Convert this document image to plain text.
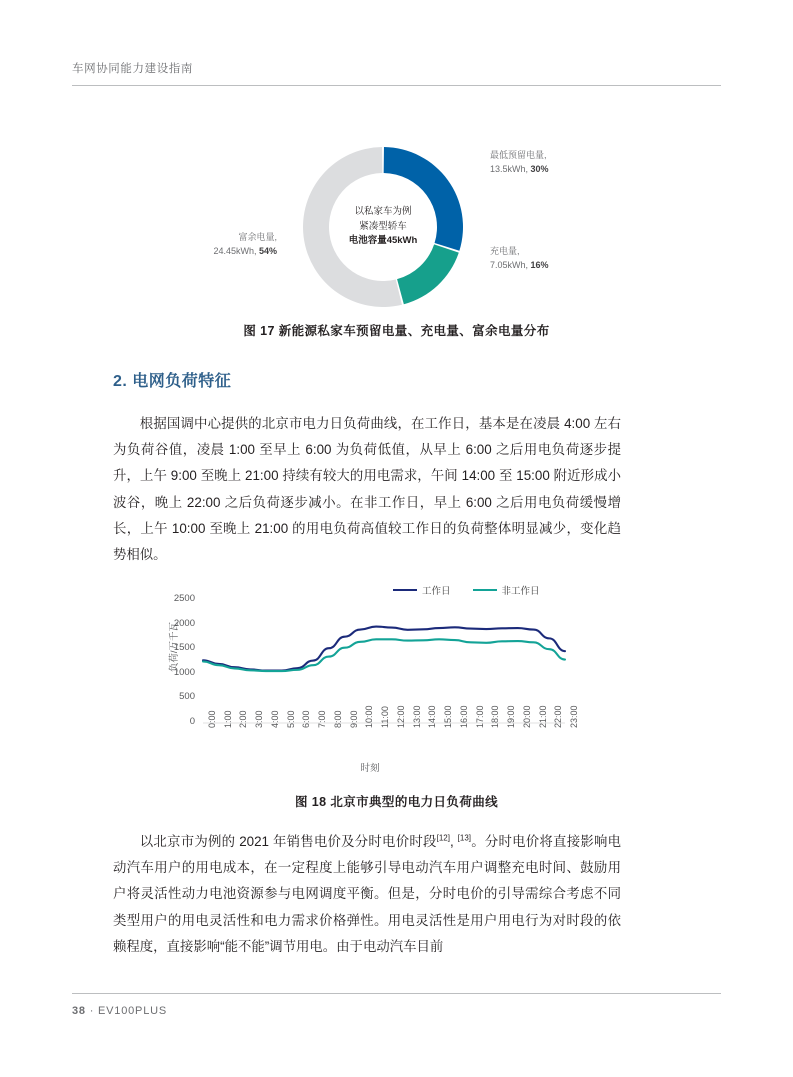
车网协同能力建设指南
最低预留电量,
13.5kWh, 30%
充电量,
7.05kWh, 16%
富余电量,
24.45kWh, 54%
以私家车为例
紧凑型轿车
电池容量45kWh
图 17 新能源私家车预留电量、充电量、富余电量分布
2. 电网负荷特征
根据国调中心提供的北京市电力日负荷曲线，在工作日，基本是在凌晨 4:00 左右为负荷谷值，凌晨 1:00 至早上 6:00 为负荷低值，从早上 6:00 之后用电负荷逐步提升，上午 9:00 至晚上 21:00 持续有较大的用电需求，午间 14:00 至 15:00 附近形成小波谷，晚上 22:00 之后负荷逐步减小。在非工作日，早上 6:00 之后用电负荷缓慢增长，上午 10:00 至晚上 21:00 的用电负荷高值较工作日的负荷整体明显减少，变化趋势相似。
工作日	非工作日
负荷/万千瓦
时刻
0
500
1000
1500
2000
2500
0:00 1:00 2:00 3:00 4:00 5:00 6:00 7:00 8:00 9:00 10:00 11:00 12:00 13:00 14:00 15:00 16:00 17:00 18:00 19:00 20:00 21:00 22:00 23:00
图 18 北京市典型的电力日负荷曲线
以北京市为例的 2021 年销售电价及分时电价时段[12], [13]。分时电价将直接影响电动汽车用户的用电成本，在一定程度上能够引导电动汽车用户调整充电时间、鼓励用户将灵活性动力电池资源参与电网调度平衡。但是，分时电价的引导需综合考虑不同类型用户的用电灵活性和电力需求价格弹性。用电灵活性是用户用电行为对时段的依赖程度，直接影响“能不能”调节用电。由于电动汽车目前
38 · EV100PLUS
